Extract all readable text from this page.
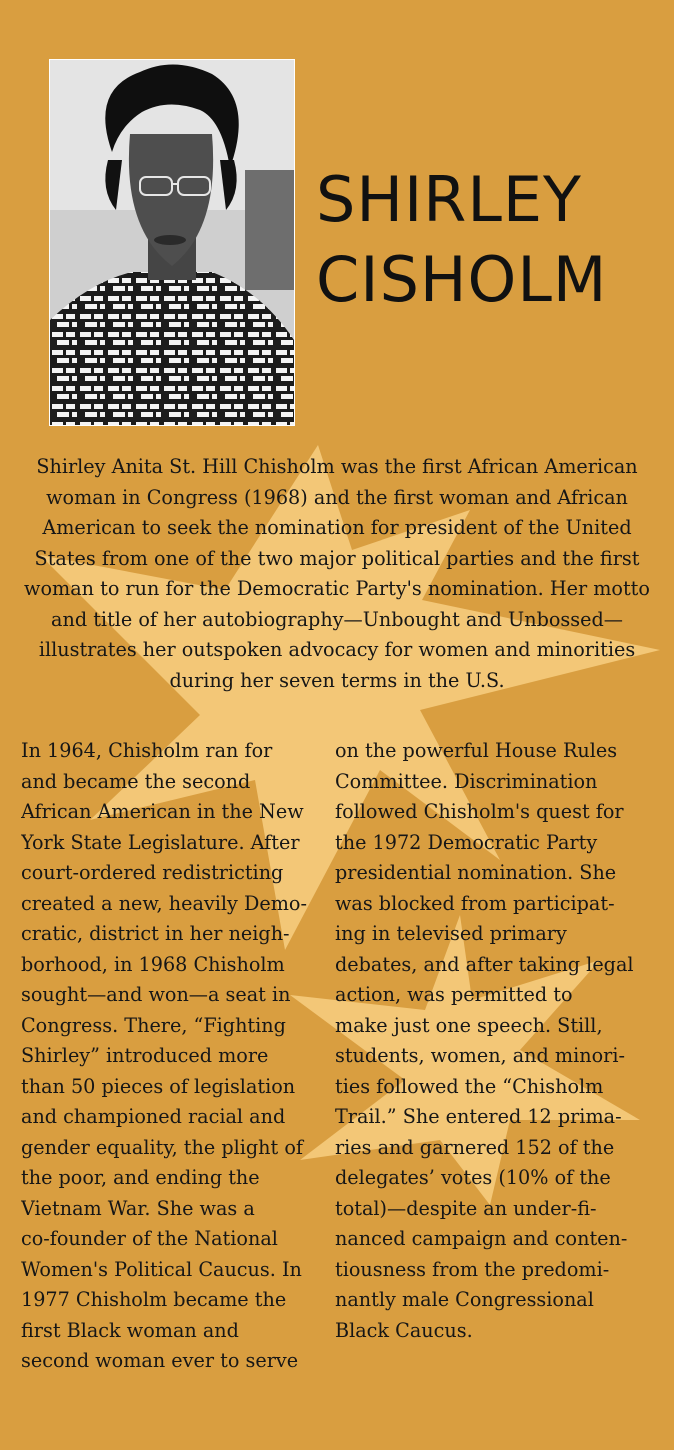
SHIRLEY
CISHOLM

Shirley Anita St. Hill Chisholm was the first African American woman in Congress (1968) and the first woman and African American to seek the nomination for president of the United States from one of the two major political parties and the first woman to run for the Democratic Party's nomination. Her motto and title of her autobiography—Unbought and Unbossed—illustrates her outspoken advocacy for women and minorities during her seven terms in the U.S.

In 1964, Chisholm ran for
and became the second
African American in the New
York State Legislature. After
court-ordered redistricting
created a new, heavily Demo-
cratic, district in her neigh-
borhood, in 1968 Chisholm
sought—and won—a seat in
Congress. There, “Fighting
Shirley” introduced more
than 50 pieces of legislation
and championed racial and
gender equality, the plight of
the poor, and ending the
Vietnam War. She was a
co-founder of the National
Women's Political Caucus. In
1977 Chisholm became the
first Black woman and
second woman ever to serve
on the powerful House Rules
Committee. Discrimination
followed Chisholm's quest for
the 1972 Democratic Party
presidential nomination. She
was blocked from participat-
ing in televised primary
debates, and after taking legal
action, was permitted to
make just one speech. Still,
students, women, and minori-
ties followed the “Chisholm
Trail.” She entered 12 prima-
ries and garnered 152 of the
delegates’ votes (10% of the
total)—despite an under-fi-
nanced campaign and conten-
tiousness from the predomi-
nantly male Congressional
Black Caucus.
